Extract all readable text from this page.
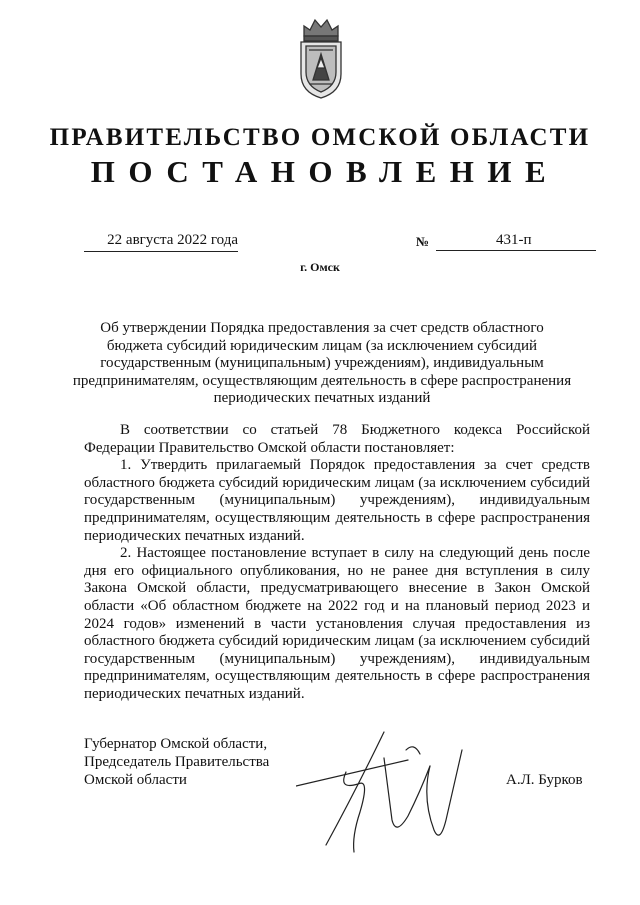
ПРАВИТЕЛЬСТВО ОМСКОЙ ОБЛАСТИ
ПОСТАНОВЛЕНИЕ
22 августа 2022 года	№	431-п
г. Омск
Об утверждении Порядка предоставления за счет средств областного бюджета субсидий юридическим лицам (за исключением субсидий государственным (муниципальным) учреждениям), индивидуальным предпринимателям, осуществляющим деятельность в сфере распространения периодических печатных изданий

В соответствии со статьей 78 Бюджетного кодекса Российской Федерации Правительство Омской области постановляет:

1. Утвердить прилагаемый Порядок предоставления за счет средств областного бюджета субсидий юридическим лицам (за исключением субсидий государственным (муниципальным) учреждениям), индивидуальным предпринимателям, осуществляющим деятельность в сфере распространения периодических печатных изданий.

2. Настоящее постановление вступает в силу на следующий день после дня его официального опубликования, но не ранее дня вступления в силу Закона Омской области, предусматривающего внесение в Закон Омской области «Об областном бюджете на 2022 год и на плановый период 2023 и 2024 годов» изменений в части установления случая предоставления из областного бюджета субсидий юридическим лицам (за исключением субсидий государственным (муниципальным) учреждениям), индивидуальным предпринимателям, осуществляющим деятельность в сфере распространения периодических печатных изданий.

Губернатор Омской области,
Председатель Правительства
Омской области	А.Л. Бурков
